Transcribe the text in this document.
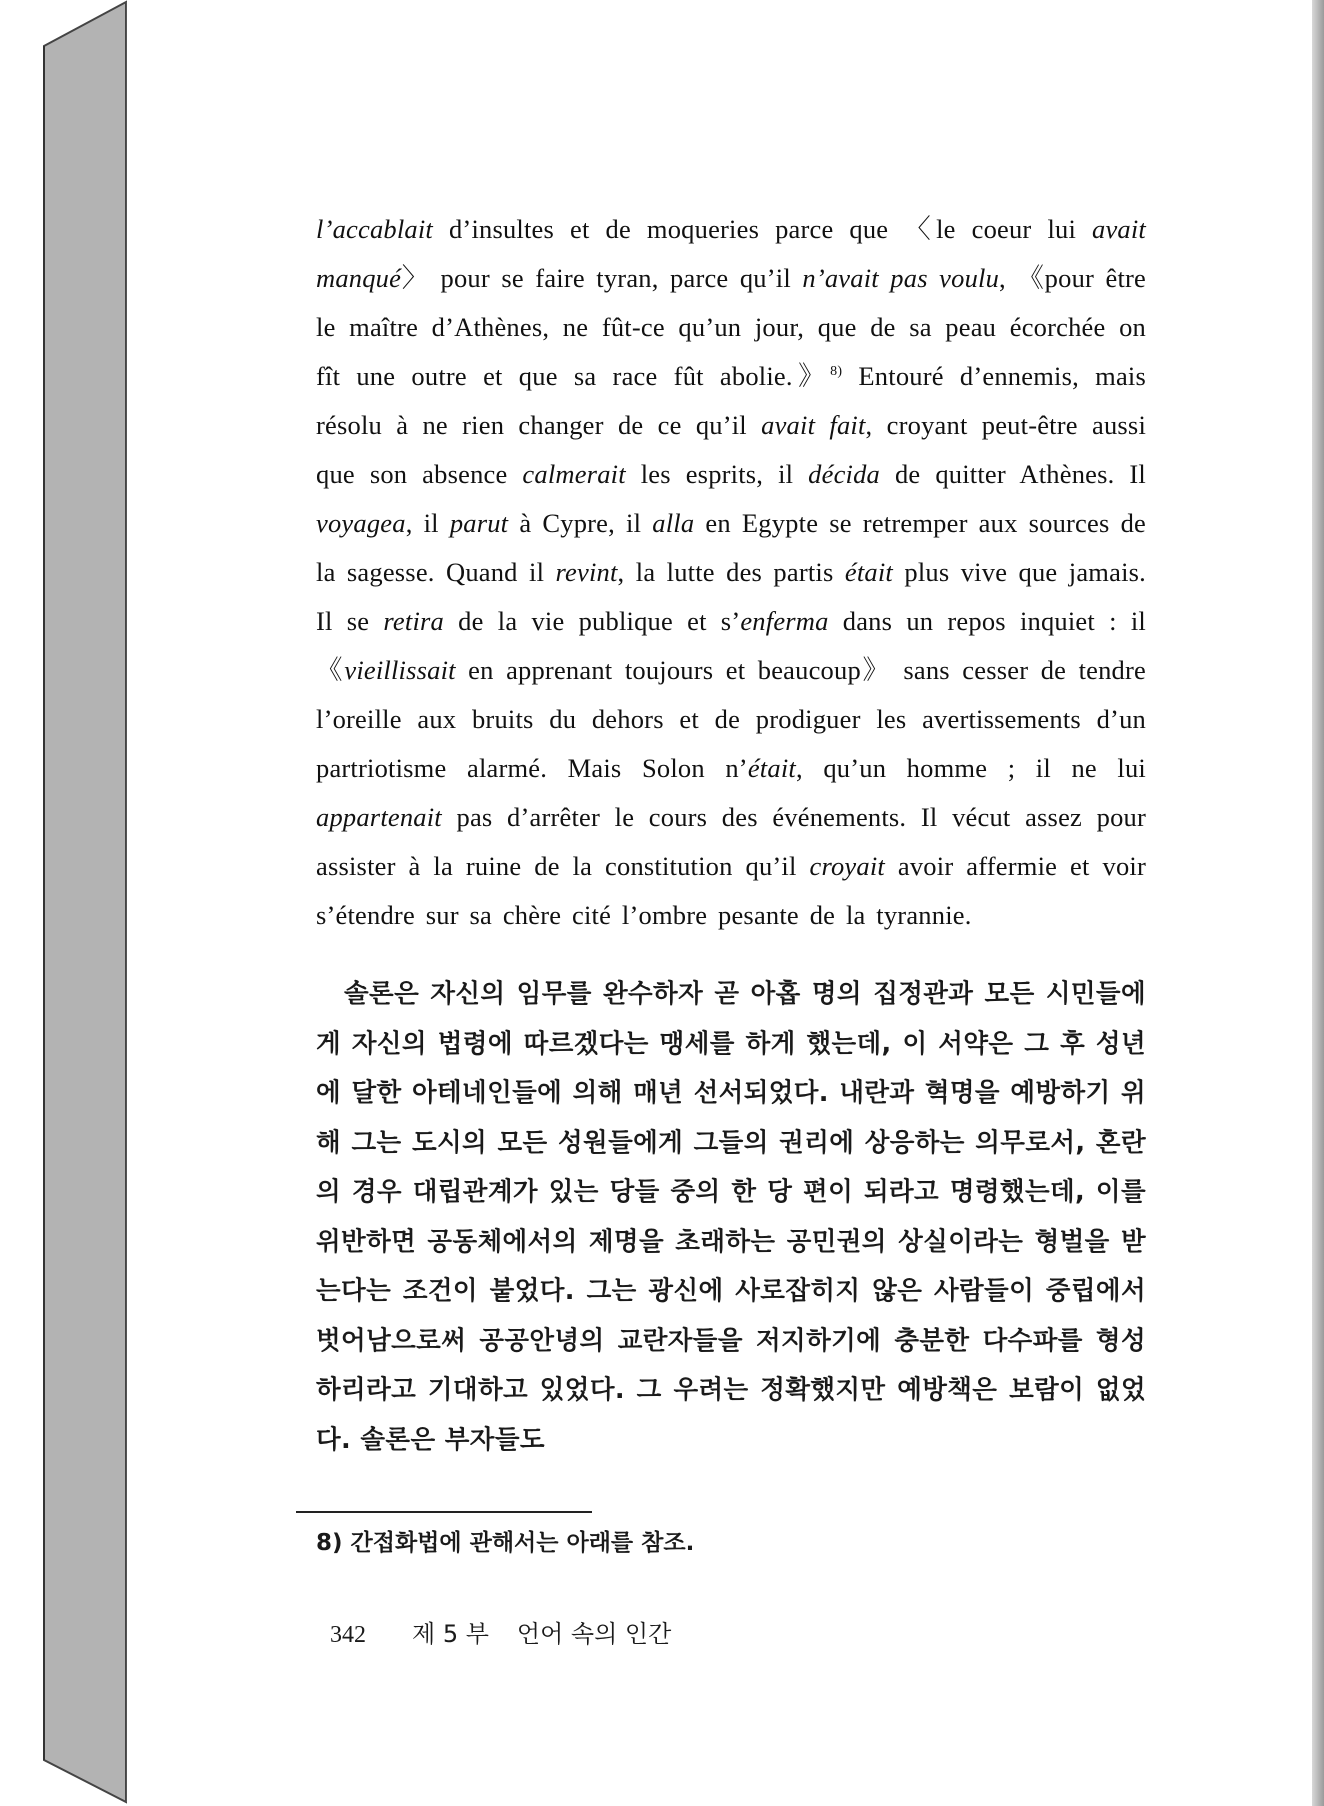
l’accablait d’insultes et de moqueries parce que 〈le coeur lui avait manqué〉 pour se faire tyran, parce qu’il n’avait pas voulu, 《pour être le maître d’Athènes, ne fût-ce qu’un jour, que de sa peau écorchée on fît une outre et que sa race fût abolie.》$^{8)}$ Entouré d’ennemis, mais résolu à ne rien changer de ce qu’il avait fait, croyant peut-être aussi que son absence calmerait les esprits, il décida de quitter Athènes. Il voyagea, il parut à Cypre, il alla en Egypte se retremper aux sources de la sagesse. Quand il revint, la lutte des partis était plus vive que jamais. Il se retira de la vie publique et s’enferma dans un repos inquiet : il 《vieillissait en apprenant toujours et beaucoup》 sans cesser de tendre l’oreille aux bruits du dehors et de prodiguer les avertissements d’un partriotisme alarmé. Mais Solon n’était, qu’un homme ; il ne lui appartenait pas d’arrêter le cours des événements. Il vécut assez pour assister à la ruine de la constitution qu’il croyait avoir affermie et voir s’étendre sur sa chère cité l’ombre pesante de la tyrannie.

솔론은 자신의 임무를 완수하자 곧 아홉 명의 집정관과 모든 시민들에게 자신의 법령에 따르겠다는 맹세를 하게 했는데, 이 서약은 그 후 성년에 달한 아테네인들에 의해 매년 선서되었다. 내란과 혁명을 예방하기 위해 그는 도시의 모든 성원들에게 그들의 권리에 상응하는 의무로서, 혼란의 경우 대립관계가 있는 당들 중의 한 당 편이 되라고 명령했는데, 이를 위반하면 공동체에서의 제명을 초래하는 공민권의 상실이라는 형벌을 받는다는 조건이 붙었다. 그는 광신에 사로잡히지 않은 사람들이 중립에서 벗어남으로써 공공안녕의 교란자들을 저지하기에 충분한 다수파를 형성하리라고 기대하고 있었다. 그 우려는 정확했지만 예방책은 보람이 없었다. 솔론은 부자들도

8) 간접화법에 관해서는 아래를 참조.

342 제 5 부 언어 속의 인간
